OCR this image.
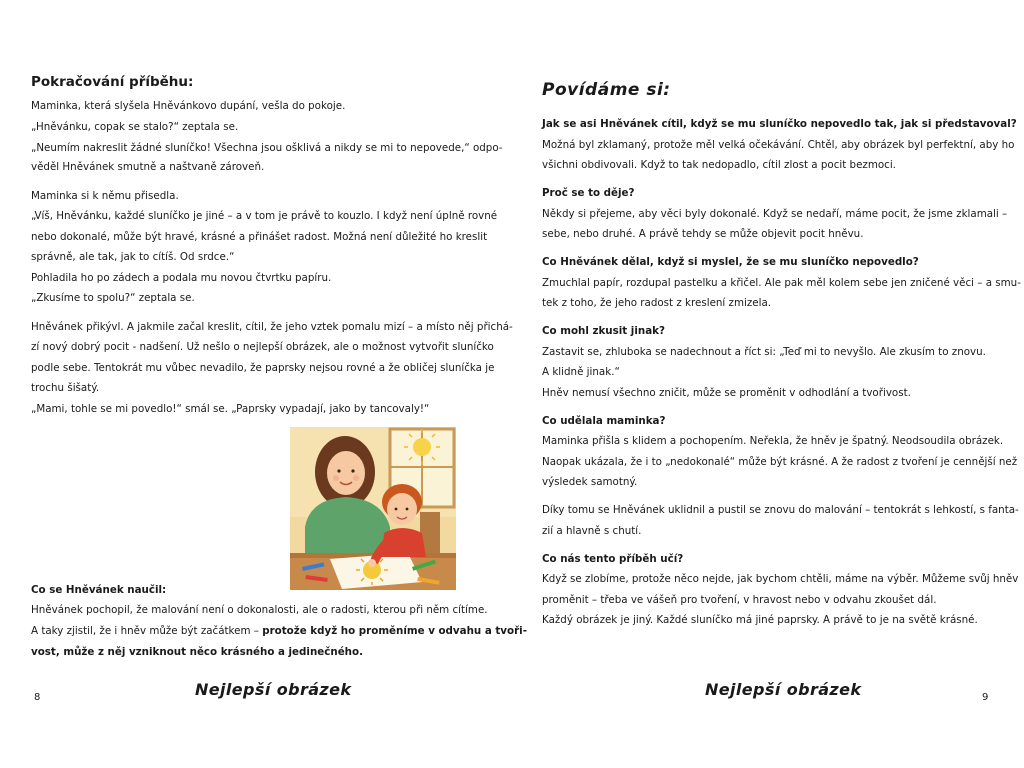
Pokračování příběhu:

Maminka, která slyšela Hněvánkovo dupání, vešla do pokoje.

„Hněvánku, copak se stalo?“ zeptala se.

„Neumím nakreslit žádné sluníčko! Všechna jsou ošklivá a nikdy se mi to nepovede,“ odpo-

věděl Hněvánek smutně a naštvaně zároveň.

Maminka si k němu přisedla.

„Víš, Hněvánku, každé sluníčko je jiné – a v tom je právě to kouzlo. I když není úplně rovné

nebo dokonalé, může být hravé, krásné a přinášet radost. Možná není důležité ho kreslit

správně, ale tak, jak to cítíš. Od srdce.“

Pohladila ho po zádech a podala mu novou čtvrtku papíru.

„Zkusíme to spolu?“ zeptala se.

Hněvánek přikývl. A jakmile začal kreslit, cítil, že jeho vztek pomalu mizí – a místo něj přichá-

zí nový dobrý pocit - nadšení. Už nešlo o nejlepší obrázek, ale o možnost vytvořit sluníčko

podle sebe. Tentokrát mu vůbec nevadilo, že paprsky nejsou rovné a že obličej sluníčka je

trochu šišatý.

„Mami, tohle se mi povedlo!“ smál se. „Paprsky vypadají, jako by tancovaly!“

Co se Hněvánek naučil:

Hněvánek pochopil, že malování není o dokonalosti, ale o radosti, kterou při něm cítíme.

A taky zjistil, že i hněv může být začátkem – protože když ho proměníme v odvahu a tvoři-

vost, může z něj vzniknout něco krásného a jedinečného.

8	Nejlepší obrázek

Povídáme si:

Jak se asi Hněvánek cítil, když se mu sluníčko nepovedlo tak, jak si představoval?

Možná byl zklamaný, protože měl velká očekávání. Chtěl, aby obrázek byl perfektní, aby ho

všichni obdivovali. Když to tak nedopadlo, cítil zlost a pocit bezmoci.

Proč se to děje?

Někdy si přejeme, aby věci byly dokonalé. Když se nedaří, máme pocit, že jsme zklamali –

sebe, nebo druhé. A právě tehdy se může objevit pocit hněvu.

Co Hněvánek dělal, když si myslel, že se mu sluníčko nepovedlo?

Zmuchlal papír, rozdupal pastelku a křičel. Ale pak měl kolem sebe jen zničené věci – a smu-

tek z toho, že jeho radost z kreslení zmizela.

Co mohl zkusit jinak?

Zastavit se, zhluboka se nadechnout a říct si: „Teď mi to nevyšlo. Ale zkusím to znovu.

A klidně jinak.“

Hněv nemusí všechno zničit, může se proměnit v odhodlání a tvořivost.

Co udělala maminka?

Maminka přišla s klidem a pochopením. Neřekla, že hněv je špatný. Neodsoudila obrázek.

Naopak ukázala, že i to „nedokonalé“ může být krásné. A že radost z tvoření je cennější než

výsledek samotný.

Díky tomu se Hněvánek uklidnil a pustil se znovu do malování – tentokrát s lehkostí, s fanta-

zií a hlavně s chutí.

Co nás tento příběh učí?

Když se zlobíme, protože něco nejde, jak bychom chtěli, máme na výběr. Můžeme svůj hněv

proměnit – třeba ve vášeň pro tvoření, v hravost nebo v odvahu zkoušet dál.

Každý obrázek je jiný. Každé sluníčko má jiné paprsky. A právě to je na světě krásné.

Nejlepší obrázek	9
